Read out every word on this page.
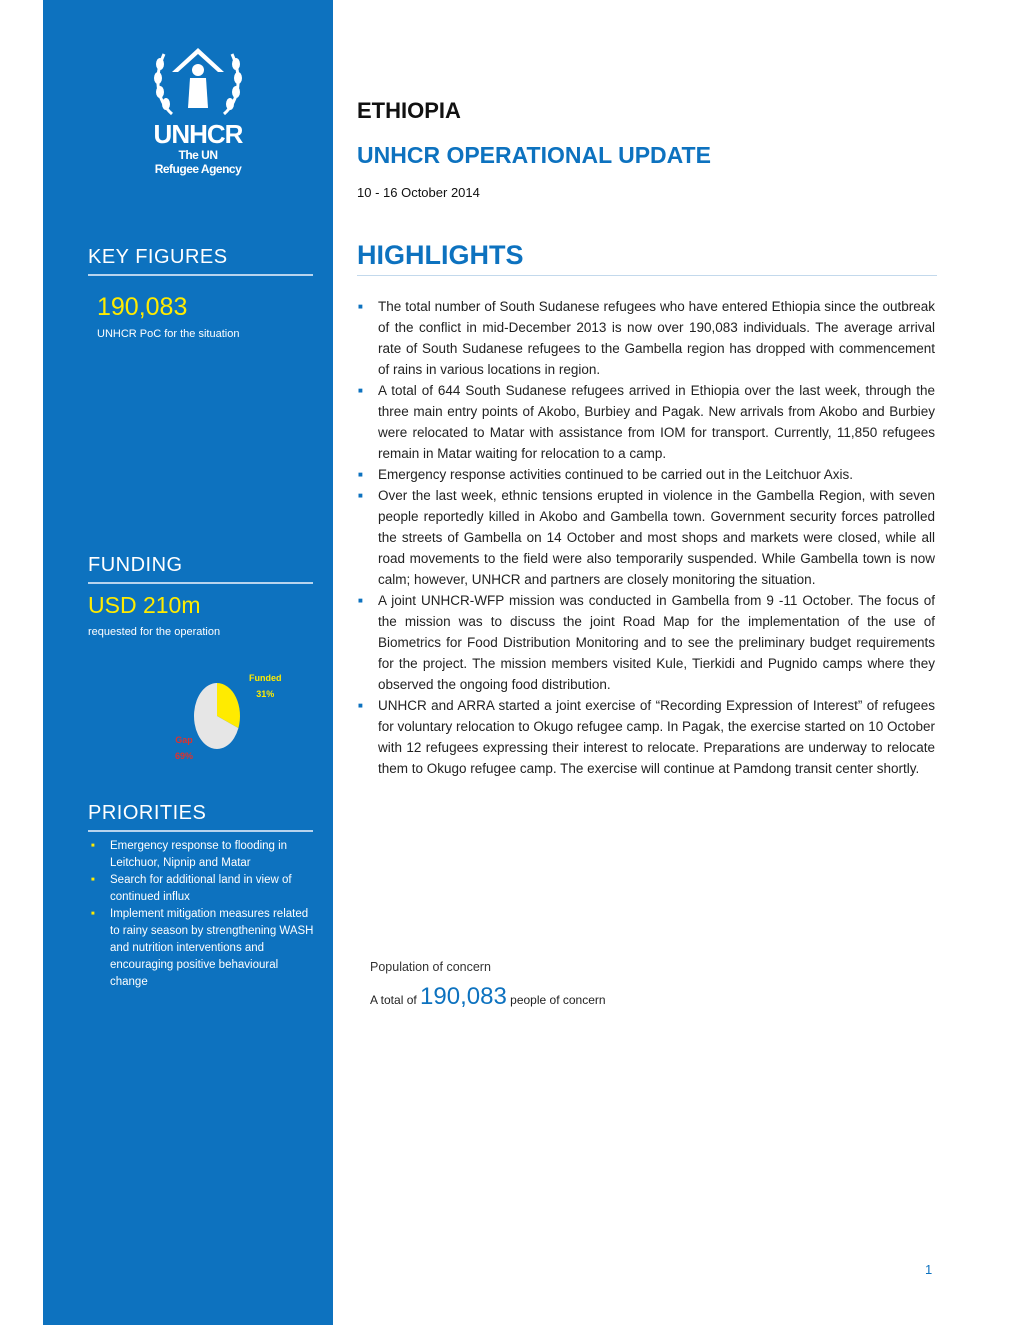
UNHCR
The UN
Refugee Agency
KEY FIGURES
190,083
UNHCR PoC for the situation
FUNDING
USD 210m
requested for the operation
Funded
31%
Gap
69%
PRIORITIES
■ Emergency response to flooding in Leitchuor, Nipnip and Matar
■ Search for additional land in view of continued influx
■ Implement mitigation measures related to rainy season by strengthening WASH and nutrition interventions and encouraging positive behavioural change
ETHIOPIA
UNHCR OPERATIONAL UPDATE
10 - 16 October 2014
HIGHLIGHTS
■ The total number of South Sudanese refugees who have entered Ethiopia since the outbreak of the conflict in mid-December 2013 is now over 190,083 individuals. The average arrival rate of South Sudanese refugees to the Gambella region has dropped with commencement of rains in various locations in region.
■ A total of 644 South Sudanese refugees arrived in Ethiopia over the last week, through the three main entry points of Akobo, Burbiey and Pagak. New arrivals from Akobo and Burbiey were relocated to Matar with assistance from IOM for transport. Currently, 11,850 refugees remain in Matar waiting for relocation to a camp.
■ Emergency response activities continued to be carried out in the Leitchuor Axis.
■ Over the last week, ethnic tensions erupted in violence in the Gambella Region, with seven people reportedly killed in Akobo and Gambella town. Government security forces patrolled the streets of Gambella on 14 October and most shops and markets were closed, while all road movements to the field were also temporarily suspended. While Gambella town is now calm; however, UNHCR and partners are closely monitoring the situation.
■ A joint UNHCR-WFP mission was conducted in Gambella from 9 -11 October. The focus of the mission was to discuss the joint Road Map for the implementation of the use of Biometrics for Food Distribution Monitoring and to see the preliminary budget requirements for the project. The mission members visited Kule, Tierkidi and Pugnido camps where they observed the ongoing food distribution.
■ UNHCR and ARRA started a joint exercise of “Recording Expression of Interest” of refugees for voluntary relocation to Okugo refugee camp. In Pagak, the exercise started on 10 October with 12 refugees expressing their interest to relocate. Preparations are underway to relocate them to Okugo refugee camp. The exercise will continue at Pamdong transit center shortly.
Population of concern
A total of 190,083 people of concern
1
